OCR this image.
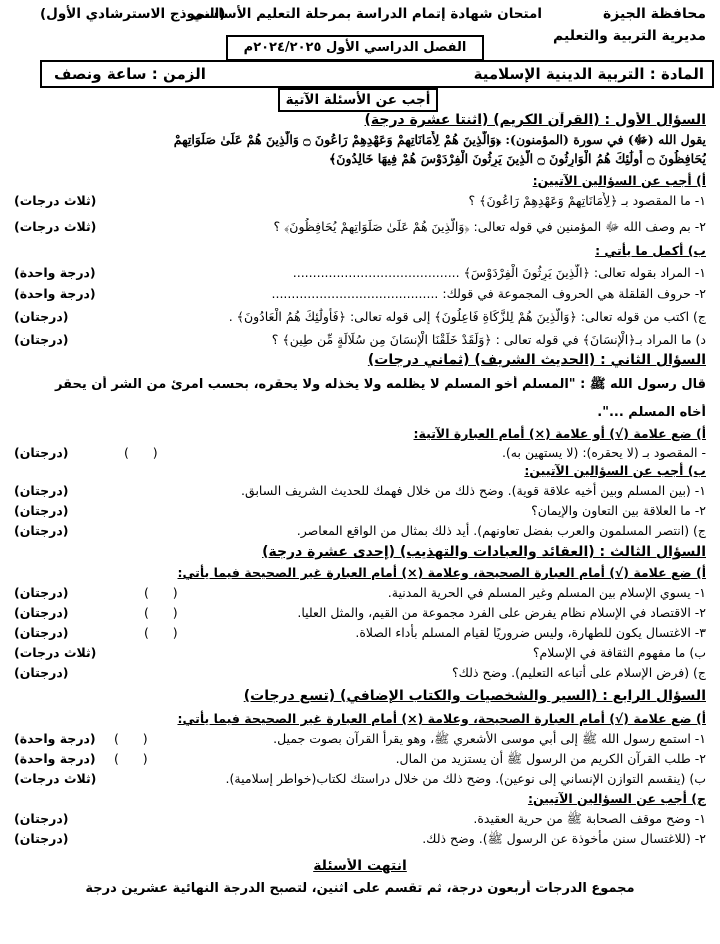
محافظة الجيزة
امتحان شهادة إتمام الدراسة بمرحلة التعليم الأساسي
(النموذج الاسترشادي الأول)
مديرية التربية والتعليم
الفصل الدراسي الأول ٢٠٢٤/٢٠٢٥م
المادة : التربية الدينية الإسلامية
الزمن : ساعة ونصف
أجب عن الأسئلة الآتية
السؤال الأول : (القرآن الكريم) (اثنتا عشرة درجة)
يقول الله (ﷻ) في سورة (المؤمنون): ﴿وَالَّذِينَ هُمْ لِأَمَانَاتِهِمْ وَعَهْدِهِمْ رَاعُونَ ۝ وَالَّذِينَ هُمْ عَلَىٰ صَلَوَاتِهِمْ
يُحَافِظُونَ ۝ أُولَٰئِكَ هُمُ الْوَارِثُونَ ۝ الَّذِينَ يَرِثُونَ الْفِرْدَوْسَ هُمْ فِيهَا خَالِدُونَ﴾
أ) أجب عن السؤالين الآتيين:
١- ما المقصود بـ ﴿لِأَمَانَاتِهِمْ وَعَهْدِهِمْ رَاعُونَ﴾ ؟
(ثلاث درجات)
٢- بم وصف الله ﷻ المؤمنين في قوله تعالى: ﴿وَالَّذِينَ هُمْ عَلَىٰ صَلَوَاتِهِمْ يُحَافِظُونَ﴾ ؟
(ثلاث درجات)
ب) أكمل ما يأتي :
١- المراد بقوله تعالى: ﴿الَّذِينَ يَرِثُونَ الْفِرْدَوْسَ﴾ ..........................................
(درجة واحدة)
٢- حروف القلقلة هي الحروف المجموعة في قولك: ..........................................
(درجة واحدة)
ج) اكتب من قوله تعالى: ﴿وَالَّذِينَ هُمْ لِلزَّكَاةِ فَاعِلُونَ﴾ إلى قوله تعالى: ﴿فَأُولَٰئِكَ هُمُ الْعَادُونَ﴾ .
(درجتان)
د) ما المراد بـ﴿الْإِنسَانَ﴾ في قوله تعالى : ﴿وَلَقَدْ خَلَقْنَا الْإِنسَانَ مِن سُلَالَةٍ مِّن طِينٍ﴾ ؟
(درجتان)
السؤال الثاني : (الحديث الشريف) (ثماني درجات)
قال رسول الله ﷺ : "المسلم أخو المسلم لا يظلمه ولا يخذله ولا يحقره، بحسب امرئ من الشر أن يحقر
أخاه المسلم ...".
أ) ضع علامة (√) أو علامة (×) أمام العبارة الآتية:
- المقصود بـ (لا يحقره): (لا يستهين به).
(      )
(درجتان)
ب) أجب عن السؤالين الآتيين:
١- (بين المسلم وبين أخيه علاقة قوية). وضح ذلك من خلال فهمك للحديث الشريف السابق.
(درجتان)
٢- ما العلاقة بين التعاون والإيمان؟
(درجتان)
ج) (انتصر المسلمون والعرب بفضل تعاونهم). أيد ذلك بمثال من الواقع المعاصر.
(درجتان)
السؤال الثالث : (العقائد والعبادات والتهذيب) (إحدى عشرة درجة)
أ) ضع علامة (√) أمام العبارة الصحيحة، وعلامة (×) أمام العبارة غير الصحيحة فيما يأتي:
١- يسوي الإسلام بين المسلم وغير المسلم في الحرية المدنية.
(      )
(درجتان)
٢- الاقتصاد في الإسلام نظام يفرض على الفرد مجموعة من القيم، والمثل العليا.
(      )
(درجتان)
٣- الاغتسال يكون للطهارة، وليس ضروريًا لقيام المسلم بأداء الصلاة.
(      )
(درجتان)
ب) ما مفهوم الثقافة في الإسلام؟
(ثلاث درجات)
ج) (فرض الإسلام على أتباعه التعليم). وضح ذلك؟
(درجتان)
السؤال الرابع : (السير والشخصيات والكتاب الإضافي) (تسع درجات)
أ) ضع علامة (√) أمام العبارة الصحيحة، وعلامة (×) أمام العبارة غير الصحيحة فيما يأتي:
١- استمع رسول الله ﷺ إلى أبي موسى الأشعري ﷺ، وهو يقرأ القرآن بصوت جميل.
(      )
(درجة واحدة)
٢- طلب القرآن الكريم من الرسول ﷺ أن يستزيد من المال.
(      )
(درجة واحدة)
ب) (ينقسم التوازن الإنساني إلى نوعين). وضح ذلك من خلال دراستك لكتاب(خواطر إسلامية).
(ثلاث درجات)
ج) أجب عن السؤالين الآتيين:
١- وضح موقف الصحابة ﷺ من حرية العقيدة.
(درجتان)
٢- (للاغتسال سنن مأخوذة عن الرسول ﷺ). وضح ذلك.
(درجتان)
انتهت الأسئلة
مجموع الدرجات أربعون درجة، ثم تقسم على اثنين، لتصبح الدرجة النهائية عشرين درجة
